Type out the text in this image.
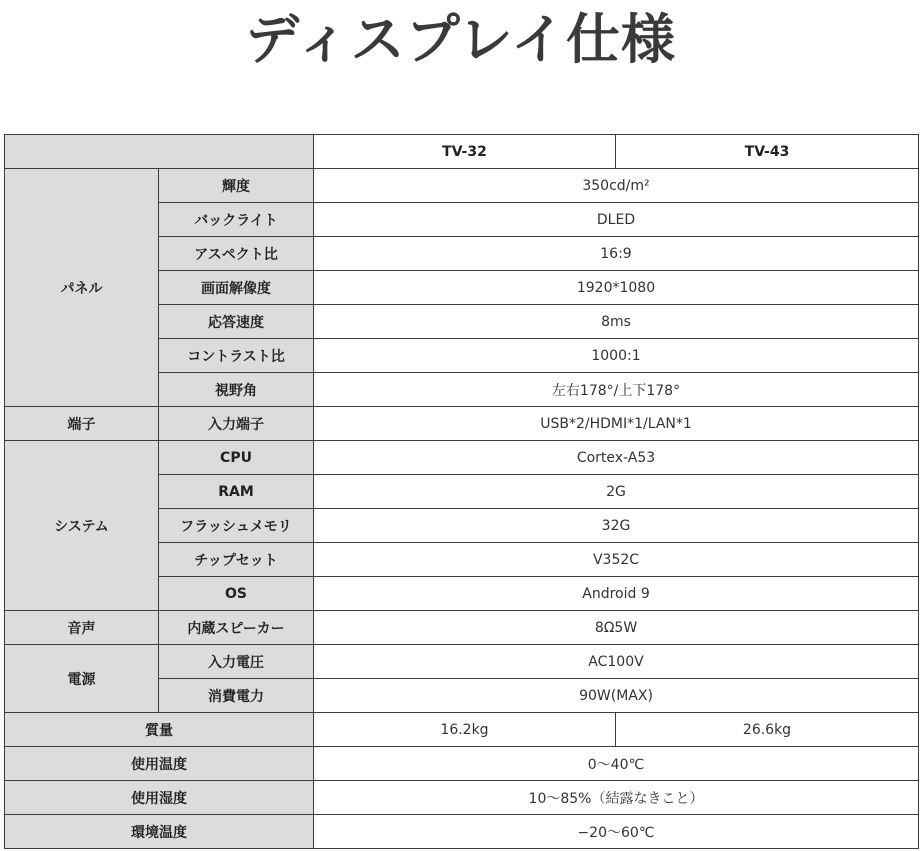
ディスプレイ仕様
		TV-32	TV-43
パネル	輝度	350cd/m²	
	バックライト	DLED	
	アスペクト比	16:9	
	画面解像度	1920*1080	
	応答速度	8ms	
	コントラスト比	1000:1	
	視野角	左右178°/上下178°	
端子	入力端子	USB*2/HDMI*1/LAN*1	
システム	CPU	Cortex-A53	
	RAM	2G	
	フラッシュメモリ	32G	
	チップセット	V352C	
	OS	Android 9	
音声	内蔵スピーカー	8Ω5W	
電源	入力電圧	AC100V	
	消費電力	90W(MAX)	
質量		16.2kg	26.6kg
使用温度		0～40℃	
使用湿度		10～85%（結露なきこと）	
環境温度		−20～60℃	
